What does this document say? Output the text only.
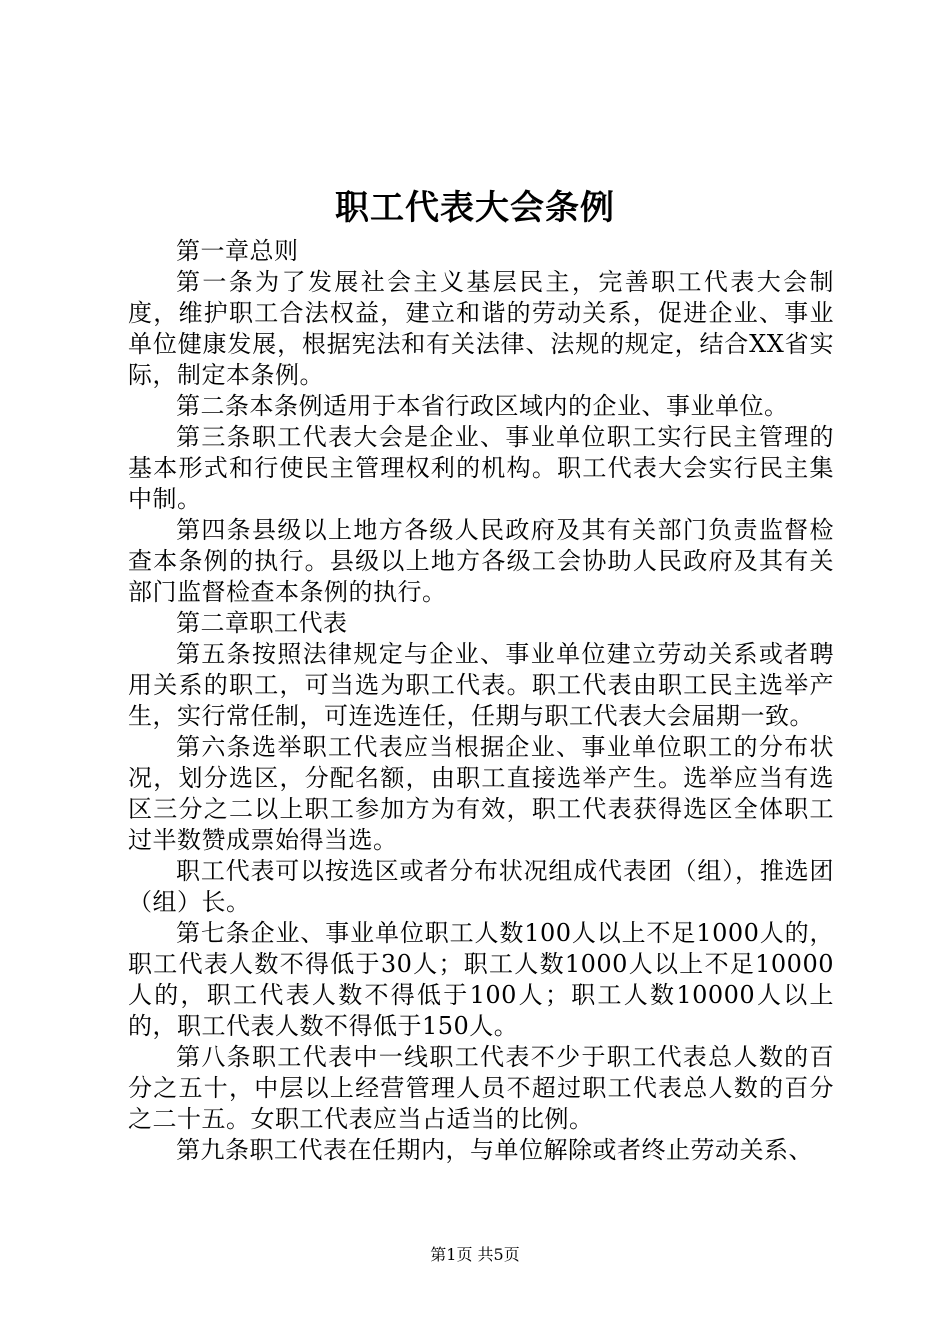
职工代表大会条例

第一章总则

第一条为了发展社会主义基层民主，完善职工代表大会制度，维护职工合法权益，建立和谐的劳动关系，促进企业、事业单位健康发展，根据宪法和有关法律、法规的规定，结合XX省实际，制定本条例。

第二条本条例适用于本省行政区域内的企业、事业单位。

第三条职工代表大会是企业、事业单位职工实行民主管理的基本形式和行使民主管理权利的机构。职工代表大会实行民主集中制。

第四条县级以上地方各级人民政府及其有关部门负责监督检查本条例的执行。县级以上地方各级工会协助人民政府及其有关部门监督检查本条例的执行。

第二章职工代表

第五条按照法律规定与企业、事业单位建立劳动关系或者聘用关系的职工，可当选为职工代表。职工代表由职工民主选举产生，实行常任制，可连选连任，任期与职工代表大会届期一致。

第六条选举职工代表应当根据企业、事业单位职工的分布状况，划分选区，分配名额，由职工直接选举产生。选举应当有选区三分之二以上职工参加方为有效，职工代表获得选区全体职工过半数赞成票始得当选。

职工代表可以按选区或者分布状况组成代表团（组），推选团（组）长。

第七条企业、事业单位职工人数100人以上不足1000人的，职工代表人数不得低于30人；职工人数1000人以上不足10000人的，职工代表人数不得低于100人；职工人数10000人以上的，职工代表人数不得低于150人。

第八条职工代表中一线职工代表不少于职工代表总人数的百分之五十，中层以上经营管理人员不超过职工代表总人数的百分之二十五。女职工代表应当占适当的比例。

第九条职工代表在任期内，与单位解除或者终止劳动关系、

第1页 共5页
